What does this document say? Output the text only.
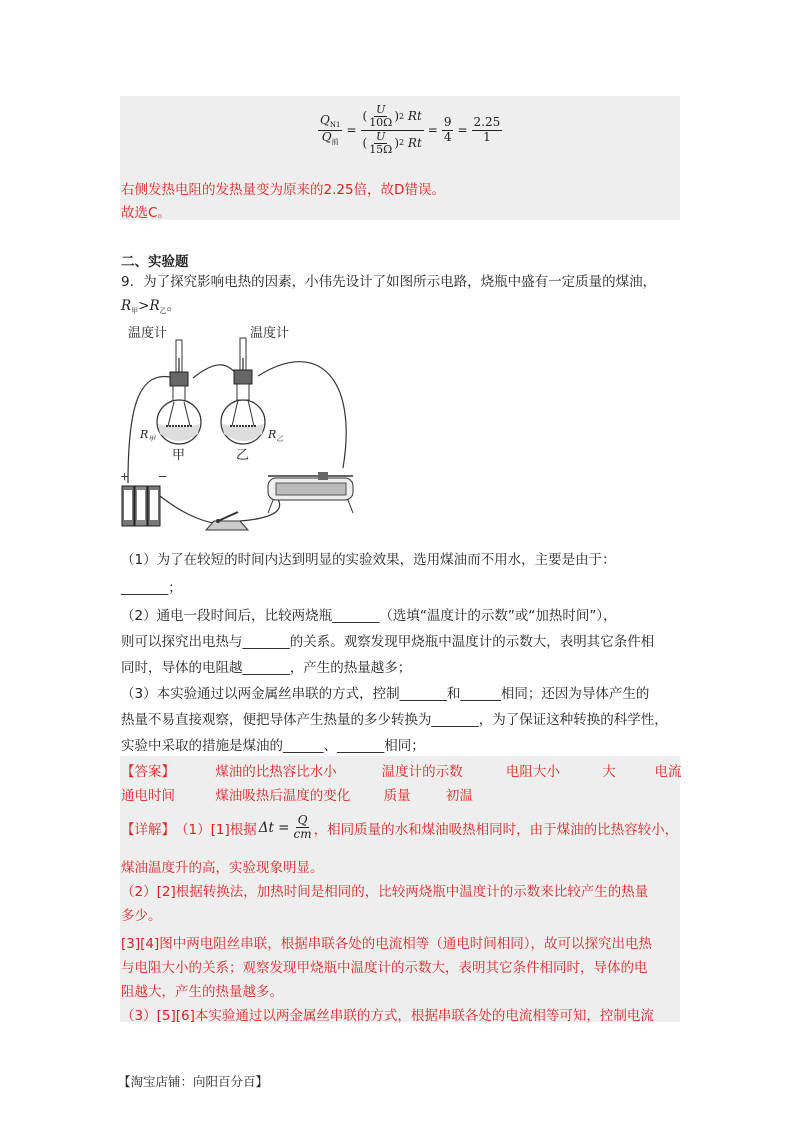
$\frac{Q_{N1}}{Q_前}$ = ( $\frac{U}{10\Omega}$ ) 2
Rt
( $\frac{U}{15\Omega}$ ) 2
$Rt = \frac{9}{4} = \frac{2.25}{1}$
右侧发热电阻的发热量变为原来的2.25倍，故D错误。
故选C。
二、实验题
9．为了探究影响电热的因素，小伟先设计了如图所示电路，烧瓶中盛有一定质量的煤油，
$R_甲>R_乙$。
温度计	温度计
$R_甲$	$R_乙$
甲	乙
+	−
（1）为了在较短的时间内达到明显的实验效果，选用煤油而不用水，主要是由于：
_______；
（2）通电一段时间后，比较两烧瓶_______（选填“温度计的示数”或“加热时间”），
则可以探究出电热与_______的关系。观察发现甲烧瓶中温度计的示数大，表明其它条件相
同时，导体的电阻越_______，产生的热量越多；
（3）本实验通过以两金属丝串联的方式，控制_______和______相同；还因为导体产生的
热量不易直接观察，便把导体产生热量的多少转换为_______，为了保证这种转换的科学性，
实验中采取的措施是煤油的______、_______相同；
【答案】	煤油的比热容比水小	温度计的示数	电阻大小	大	电流
通电时间	煤油吸热后温度的变化 质量	初温
【详解】 （1）[1]根据 $\Delta t = \frac{Q}{cm}$ ，相同质量的水和煤油吸热相同时，由于煤油的比热容较小，
煤油温度升的高，实验现象明显。
（2）[2]根据转换法，加热时间是相同的，比较两烧瓶中温度计的示数来比较产生的热量
多少。
[3][4]图中两电阻丝串联，根据串联各处的电流相等（通电时间相同），故可以探究出电热
与电阻大小的关系；观察发现甲烧瓶中温度计的示数大，表明其它条件相同时，导体的电
阻越大，产生的热量越多。
（3）[5][6]本实验通过以两金属丝串联的方式，根据串联各处的电流相等可知，控制电流
【淘宝店铺：向阳百分百】
